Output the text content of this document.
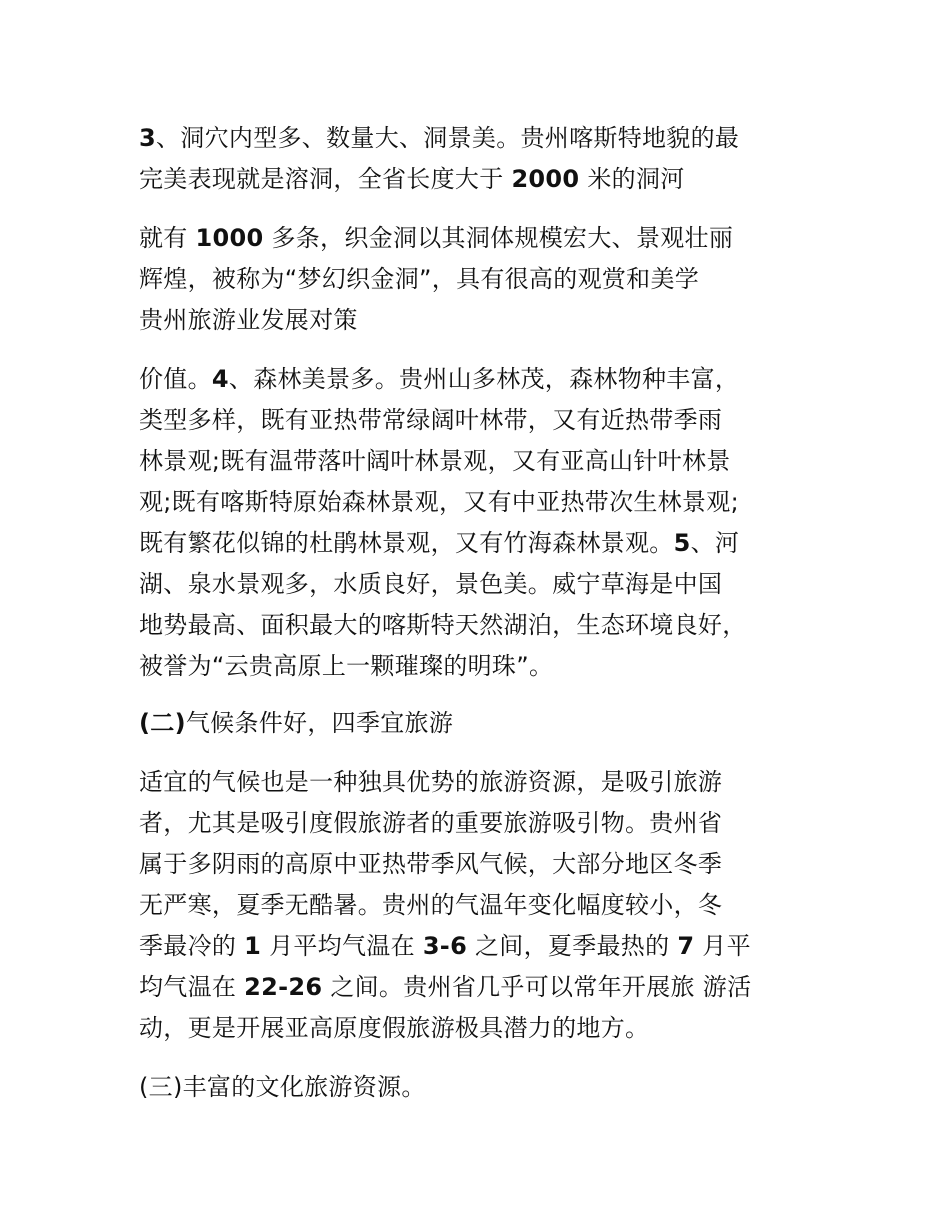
3、洞穴内型多、数量大、洞景美。贵州喀斯特地貌的最
完美表现就是溶洞，全省长度大于 2000 米的洞河
就有 1000 多条，织金洞以其洞体规模宏大、景观壮丽
辉煌，被称为“梦幻织金洞”，具有很高的观赏和美学
贵州旅游业发展对策
价值。4、森林美景多。贵州山多林茂，森林物种丰富，
类型多样，既有亚热带常绿阔叶林带，又有近热带季雨
林景观;既有温带落叶阔叶林景观，又有亚高山针叶林景
观;既有喀斯特原始森林景观，又有中亚热带次生林景观;
既有繁花似锦的杜鹃林景观，又有竹海森林景观。5、河
湖、泉水景观多，水质良好，景色美。威宁草海是中国
地势最高、面积最大的喀斯特天然湖泊，生态环境良好，
被誉为“云贵高原上一颗璀璨的明珠”。
(二)气候条件好，四季宜旅游
适宜的气候也是一种独具优势的旅游资源，是吸引旅游
者，尤其是吸引度假旅游者的重要旅游吸引物。贵州省
属于多阴雨的高原中亚热带季风气候，大部分地区冬季
无严寒，夏季无酷暑。贵州的气温年变化幅度较小，冬
季最冷的 1 月平均气温在 3-6 之间，夏季最热的 7 月平
均气温在 22-26 之间。贵州省几乎可以常年开展旅 游活
动，更是开展亚高原度假旅游极具潜力的地方。
(三)丰富的文化旅游资源。
